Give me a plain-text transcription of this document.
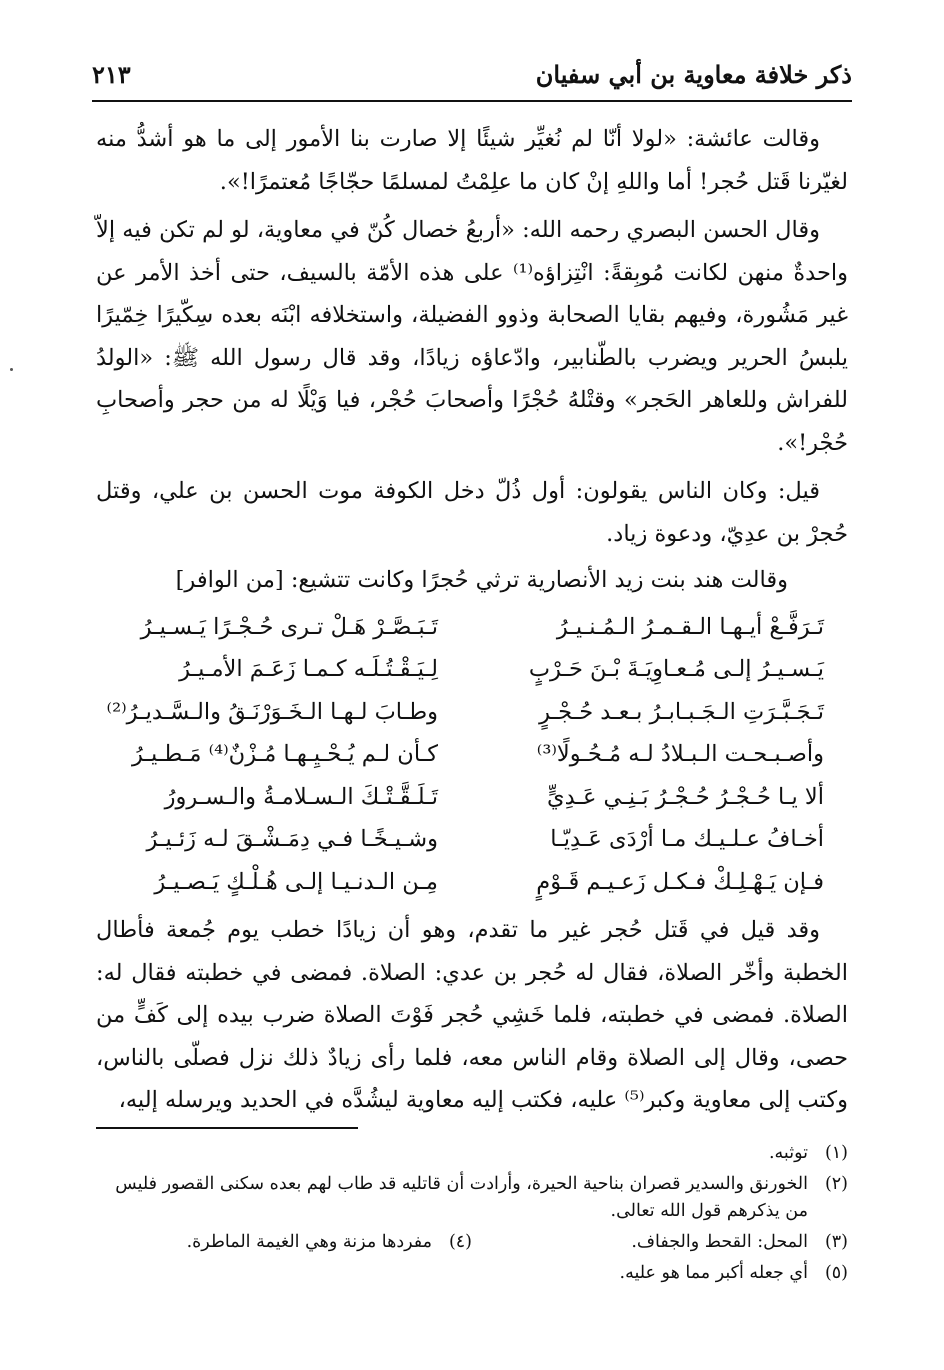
ذكر خلافة معاوية بن أبي سفيان
٢١٣

وقالت عائشة: «لولا أنّا لم نُغيِّر شيئًا إلا صارت بنا الأمور إلى ما هو أشدُّ منه لغيّرنا قَتل حُجر! أما واللهِ إنْ كان ما علِمْتُ لمسلمًا حجّاجًا مُعتمرًا!».

وقال الحسن البصري رحمه الله: «أربعُ خصال كُنّ في معاوية، لو لم تكن فيه إلاّ واحدةٌ منهن لكانت مُوبِقةً: انْتِزاؤه⁽¹⁾ على هذه الأمّة بالسيف، حتى أخذ الأمر عن غير مَشُورة، وفيهم بقايا الصحابة وذوو الفضيلة، واستخلافه ابْنَه بعده سِكّيرًا خِمّيرًا يلبسُ الحرير ويضرب بالطّنابير، وادّعاؤه زيادًا، وقد قال رسول الله ﷺ: «الولدُ للفراش وللعاهر الحَجر» وقتْلهُ حُجْرًا وأصحابَ حُجْر، فيا وَيْلًا له من حجر وأصحابِ حُجْر!».

قيل: وكان الناس يقولون: أول ذُلّ دخل الكوفة موت الحسن بن علي، وقتل حُجرْ بن عدِيّ، ودعوة زياد.

وقالت هند بنت زيد الأنصارية ترثي حُجرًا وكانت تتشيع: [من الوافر]

تَـرَفَّـعْ أيـهـا الـقـمـرُ الـمُـنـيـرُ
تَـبَـصَّـرْ هَـلْ تـرى حُـجْـرًا يَـسـيـرُ
يَـسـيـرُ إلـى مُـعـاوِيَـةَ بْـنَ حَـرْبٍ
لِـيَـقْـتُـلَـه كـمـا زَعَـمَ الأمـيـرُ
تَـجَـبَّـرَتِ الـجَـبـابـرُ بـعـد حُـجْـرٍ
وطـابَ لـهـا الـخَـوَرْنَـقُ والـسَّـديـرُ⁽²⁾
وأصـبـحـت الـبـلادُ لـه مُـحُـولًا⁽³⁾
كـأن لـم يُـحْـيِـهـا مُـزْنٌ⁽⁴⁾ مَـطـيـرُ
ألا يـا حُـجْـرُ حُـجْـرُ بَـنِـي عَـدِيٍّ
تَـلَـقَّـتْـكَ الـسـلامـةُ والـسـرورُ
أخـافُ عـلـيـك مـا أرْدَى عَـدِيّـا
وشـيـخًـا فـي دِمَـشْـقَ لـه زَئـيـرُ
فـإن يَـهْـلِـكْ فـكـل زَعـيـم قَـوْمٍ
مِـن الـدنـيـا إلـى هُـلْـكٍ يَـصـيـرُ

وقد قيل في قَتل حُجر غير ما تقدم، وهو أن زيادًا خطب يوم جُمعة فأطال الخطبة وأخّر الصلاة، فقال له حُجر بن عدي: الصلاة. فمضى في خطبته فقال له: الصلاة. فمضى في خطبته، فلما خَشِي حُجر فَوْتَ الصلاة ضرب بيده إلى كَفٍّ من حصى، وقال إلى الصلاة وقام الناس معه، فلما رأى زيادٌ ذلك نزل فصلّى بالناس، وكتب إلى معاوية وكبر⁽⁵⁾ عليه، فكتب إليه معاوية ليشُدَّه في الحديد ويرسله إليه،

(١)
توثبه.
(٢)
الخورنق والسدير قصران بناحية الحيرة، وأرادت أن قاتليه قد طاب لهم بعده سكنى القصور فليس من يذكرهم قول الله تعالى.
(٣)
المحل: القحط والجفاف.
(٤)
مفردها مزنة وهي الغيمة الماطرة.
(٥)
أي جعله أكبر مما هو عليه.
